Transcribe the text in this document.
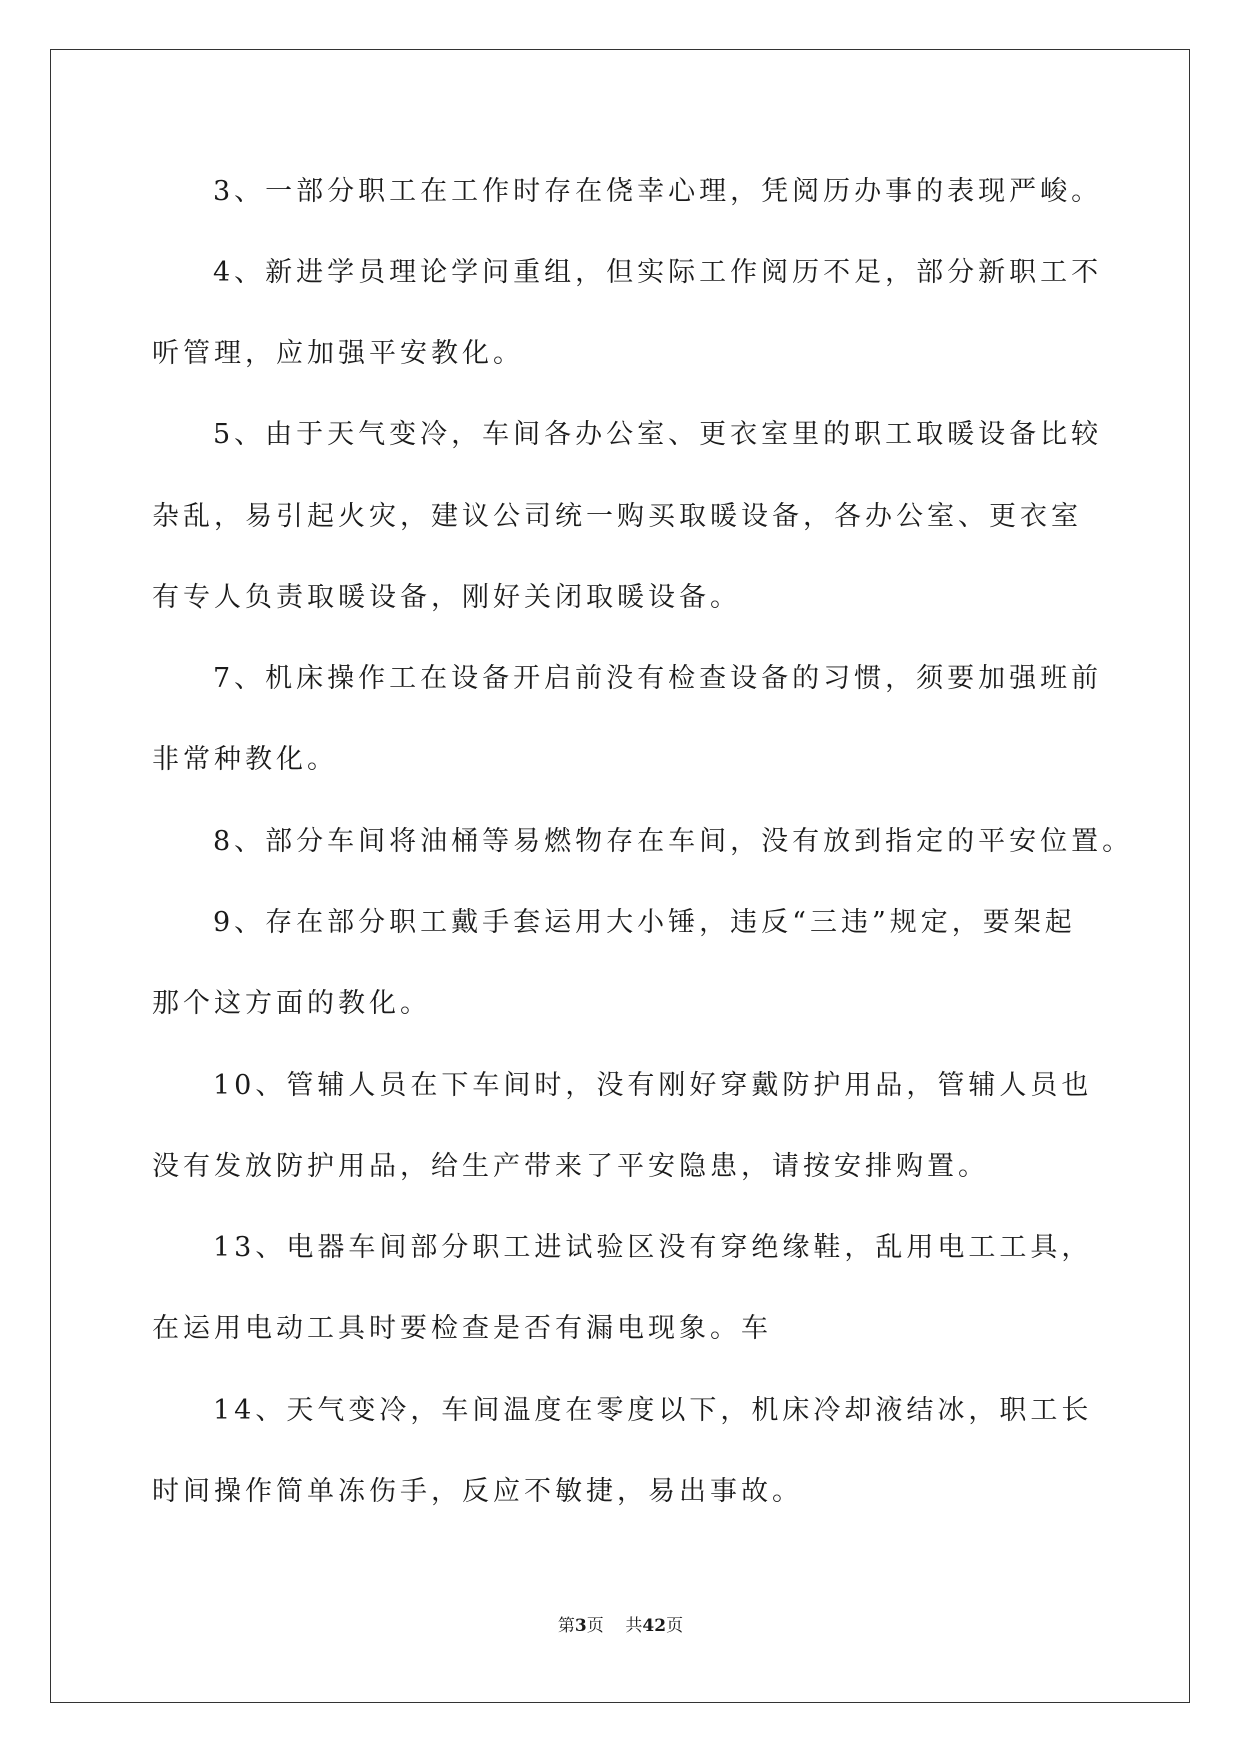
3、一部分职工在工作时存在侥幸心理，凭阅历办事的表现严峻。

4、新进学员理论学问重组，但实际工作阅历不足，部分新职工不

听管理，应加强平安教化。

5、由于天气变冷，车间各办公室、更衣室里的职工取暖设备比较

杂乱，易引起火灾，建议公司统一购买取暖设备，各办公室、更衣室

有专人负责取暖设备，刚好关闭取暖设备。

7、机床操作工在设备开启前没有检查设备的习惯，须要加强班前

非常种教化。

8、部分车间将油桶等易燃物存在车间，没有放到指定的平安位置。

9、存在部分职工戴手套运用大小锤，违反“三违”规定，要架起

那个这方面的教化。

10、管辅人员在下车间时，没有刚好穿戴防护用品，管辅人员也

没有发放防护用品，给生产带来了平安隐患，请按安排购置。

13、电器车间部分职工进试验区没有穿绝缘鞋，乱用电工工具，

在运用电动工具时要检查是否有漏电现象。车

14、天气变冷，车间温度在零度以下，机床冷却液结冰，职工长

时间操作简单冻伤手，反应不敏捷，易出事故。

第3页 共42页
